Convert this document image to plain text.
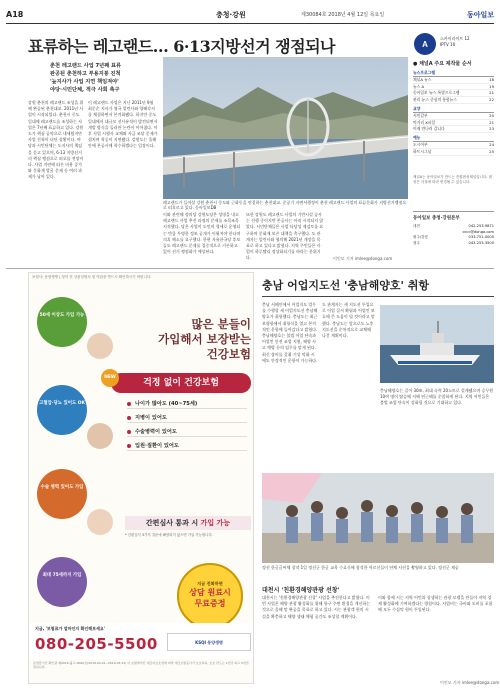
A18	충청·강원	제30084호 2018년 4월 12일 목요일	동아일보
표류하는 레고랜드… 6·13지방선거 쟁점되나
춘천 레고랜드 사업 7년째 표류
완공된 춘천하고 부용지붕 진척
'늪지사가 사업 지연 책임져야'
야당·시민단체, 적극 사회 촉구
레고랜드가 들어설 강원 춘천시 중도와 근화동을 연결하는 춘천대교. 준공기 자면서행정이 춘천 레고랜드 사업의 표류문화가 지방선거쟁점으로 떠오르고 있다. 동아일보DB
강원 춘천의 레고랜드 조성을 위해 완공된 춘천대교. 2011년 사업이 시작되었다. 춘천시 중도 일대에 레고랜드를 조성하는 사업은 7년째 표류하고 있다. 강원도가 핵심 공약으로 내세웠지만 사업 진척이 더딘 상황이다. 야당과 시민단체는 도지사의 책임을 묻고 있으며, 6·13 지방선거의 핵심 쟁점으로 떠오를 전망이다. 사업 지연에 따른 비용 증가와 문화재 발굴 문제 등 여러 과제가 남아 있다.
이 레고랜드 사업은 지난 2011년 9월 최문순 지사가 영국 멀린사와 양해각서를 체결하면서 본격화됐다. 하지만 중도 일대에서 대규모 선사유적이 발견되면서 개발 방식을 둘러싼 논란이 이어졌다. 이후 사업 시행사 교체와 자금 조달 문제가 겹치며 착공이 지연됐다. 강원도는 올해 안에 본공사에 착수하겠다는 입장이다.
이와 관련해 정의당 강원도당은 성명을 내고 레고랜드 사업 추진 과정의 문제를 조목조목 지적했다. 당은 사업이 도민의 혈세로 운영되는 만큼 투명한 정보 공개가 이뤄져야 한다며 의혹 해소를 요구했다. 한편 자유한국당 후보들도 레고랜드 문제를 집중적으로 거론하고 있어 선거 쟁점화가 예상된다.
또한 강원도 레고랜드 사업의 기반시설 공사는 진행 중이지만 본공사는 아직 시작되지 않았다. 시민단체들은 사업 타당성 재검토를 요구하며 문화재 보존 대책을 촉구했다. 도 관계자는 멀린사와 협의해 2021년 개장을 목표로 하고 있다고 밝혔다. 지역 주민들은 사업이 하루빨리 정상화되기를 바라는 분위기다.	이인모 기자 imlee@donga.com
A
스카이라이프 12
IPTV 10
● 채널A 주요 제작물 순서
뉴스프로그램
채널A 뉴스	18
뉴스 A	19
동아일보 뉴스 특별프로그램	21
관리 뉴스 중심의 통합뉴스	22
교양
서민갑부	20
먹거리 X파일	21
이제 만나러 갑니다	23
예능
도시어부	24
하트시그널	25
채널A는 동아일보가 만드는 종합편성채널입니다. 편성은 사정에 따라 변경될 수 있습니다.
동아일보 충청·강원본부
대전	042-253-9871
cccc@donga.com
원주/강릉	033-751-0000
청주	043-253-3500
보험사: 동양생명 | 청약 전 상품설명서 및 약관을 반드시 확인하시기 바랍니다.
50세 이상도 가입 가능
고혈압·당뇨 있어도 OK
수술 병력 있어도 가입
최대 75세까지 가입
많은 분들이
가입해서 보장받는
건강보험
걱정 없이 건강보험
NEW
나이가 많아도 (40~75세)
지병이 있어도
수술병력이 있어도
입원·질환이 있어도
간편심사 통과 시 가입 가능
* 간편심사 3가지 질문에 해당되지 않으면 가입 가능합니다.
지금 전화하면
상담 원료시
무료증정
지금, '보험료가 얼마인지 확인해보세요'
080-205-5500	KSQI 동양생명
준법감시인 확인필 제2018-광고-0000호(2018.04.01~2019.03.31) 이 보험계약은 예금자보호법에 따라 예금보험공사가 보호하되, 보호 한도는 1인당 최고 5천만원입니다.
충남 어업지도선 '충남해양호' 취항
충남 서해안에서 어업지도 업무를 수행할 새 어업지도선 충남해양호가 취항했다. 충남도는 최근 보령항에서 취항식을 열고 본격적인 운항에 들어갔다고 밝혔다. 충남해양호는 불법 어업 단속과 어업인 안전 조업 지원, 해양 사고 예방 등의 임무를 맡게 된다. 최신 장비를 갖춰 기상 악화 시에도 안정적인 운항이 가능하다.
도 관계자는 새 지도선 투입으로 어업 질서 확립과 어업인 보호에 큰 도움이 될 것이라고 말했다. 충남도는 앞으로도 노후 지도선을 순차적으로 교체해 나갈 계획이다.
충남해양호는 길이 30m, 최대 속력 20노트로 설계됐으며 승무원 10여 명이 탑승해 서해 연근해를 순찰하게 된다. 지역 어민들은 불법 조업 단속이 강화될 것으로 기대하고 있다.
정선 한글글씨체 창작 1일 정선군 한글 교육 수료식에 참석한 어르신들이 단체 사진을 촬영하고 있다. 정선군 제공
대천시 '친환경해양관광 선창'
대천시는 '친환경해양관광 선창' 사업을 추진한다고 밝혔다. 이번 사업은 해양 관광 활성화를 위해 항구 주변 환경을 개선하는 것으로 올해 말 완공을 목표로 하고 있다. 시는 관광객 편의 시설을 확충하고 해양 생태 체험 공간도 조성할 계획이다.
이와 함께 시는 지역 어민과 상생하는 관광 모델을 만들어 지역 경제 활성화에 기여하겠다는 방침이다. 사업비는 국비와 도비를 포함해 모두 수십억 원이 투입된다.
이인모 기자 imlee@donga.com
